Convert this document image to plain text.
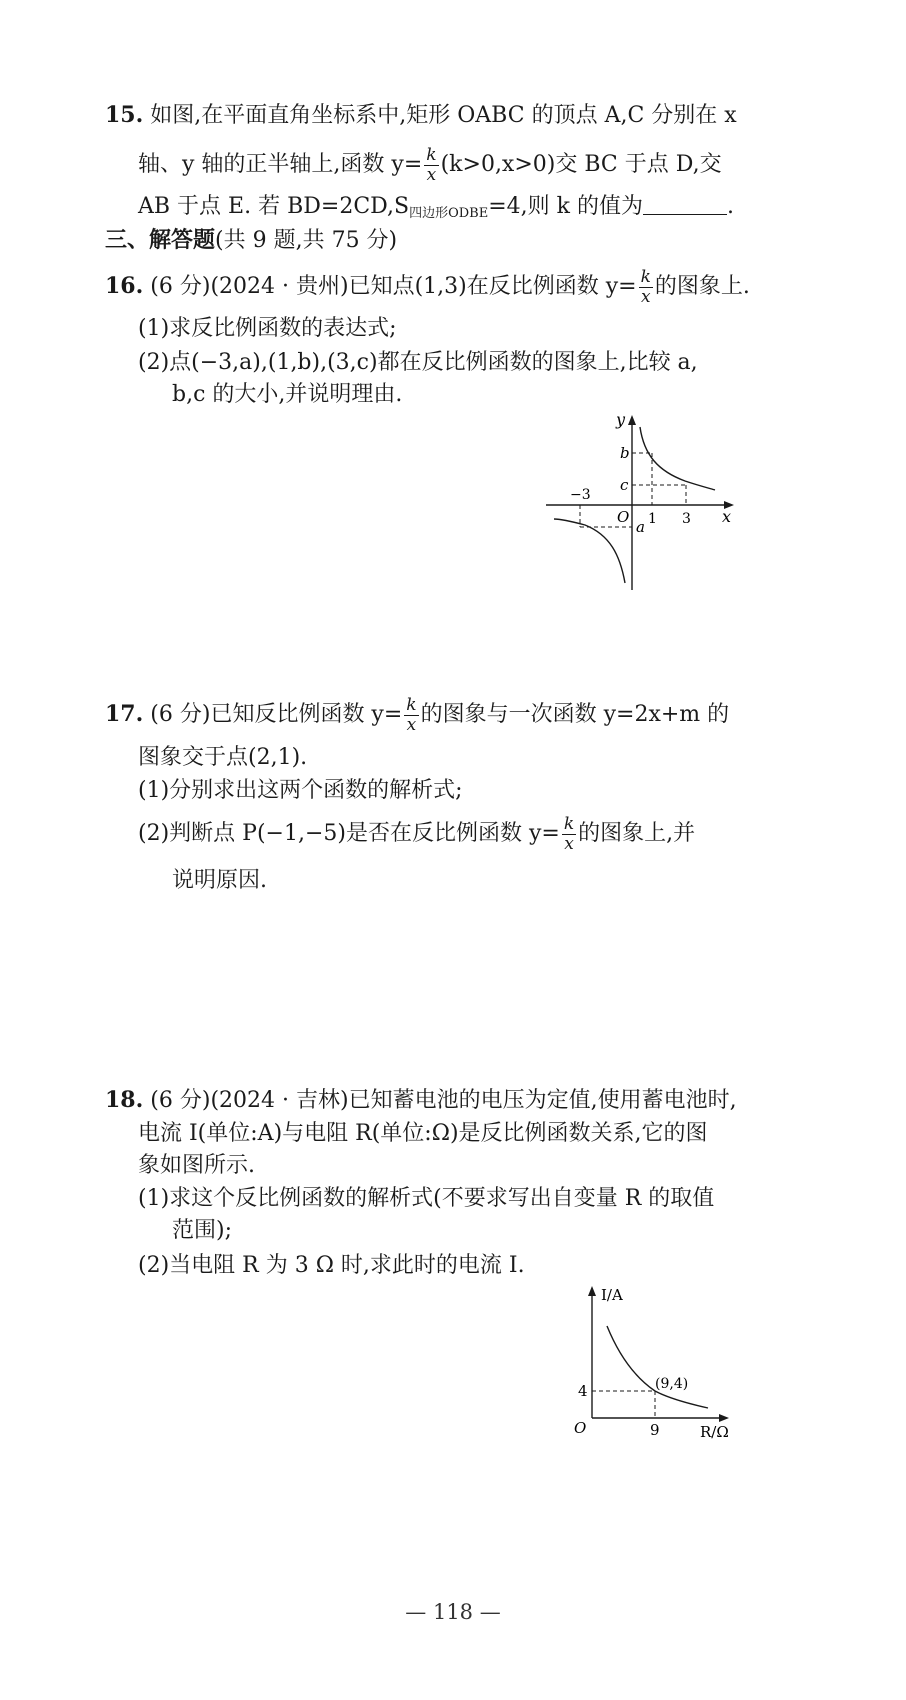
15. 如图,在平面直角坐标系中,矩形 OABC 的顶点 A,C 分别在 x
轴、y 轴的正半轴上,函数 $y= \frac{k}{x} (k>0,x>0)$交 BC 于点 D,交
AB 于点 E. 若 $BD=2CD,S_{四边形ODBE}=4$,则 k 的值为	.
三、解答题(共 9 题,共 75 分)
16. (6 分)(2024 · 贵州)已知点(1,3)在反比例函数 $y= \frac{k}{x}$ 的图象上.
(1)求反比例函数的表达式;
(2)点(−3,a),(1,b),(3,c)都在反比例函数的图象上,比较 a,
b,c 的大小,并说明理由.
y
x
O
b
c
a
−3
1 3
17. (6 分)已知反比例函数 $y= \frac{k}{x}$ 的图象与一次函数 y=2x+m 的
图象交于点(2,1).
(1)分别求出这两个函数的解析式;
(2)判断点 P(−1,−5)是否在反比例函数 $y= \frac{k}{x}$ 的图象上,并
说明原因.
18. (6 分)(2024 · 吉林)已知蓄电池的电压为定值,使用蓄电池时,
电流 I(单位:A)与电阻 R(单位:Ω)是反比例函数关系,它的图
象如图所示.
(1)求这个反比例函数的解析式(不要求写出自变量 R 的取值
范围);
(2)当电阻 R 为 3 Ω 时,求此时的电流 I.
I/A
R/Ω
O
4
9
(9,4)
— 118 —
